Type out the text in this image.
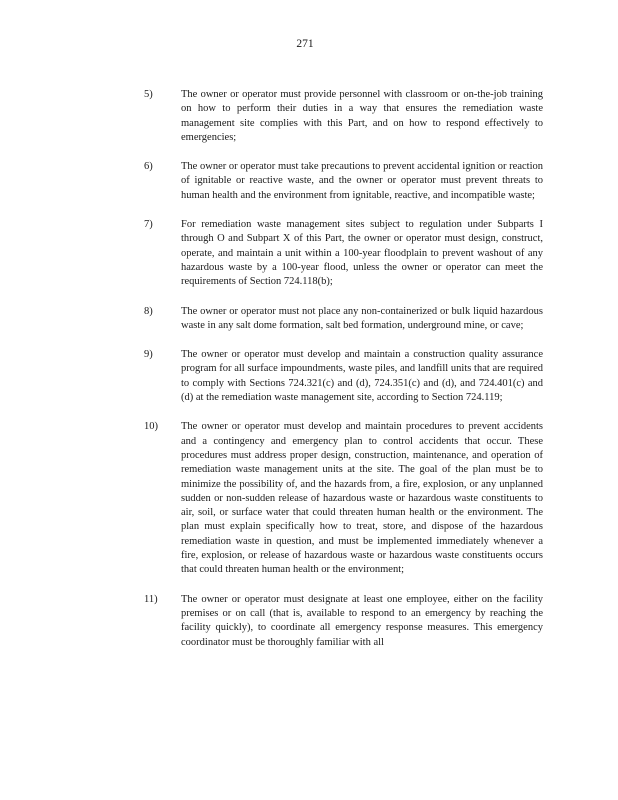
271
5)	The owner or operator must provide personnel with classroom or on-the-job training on how to perform their duties in a way that ensures the remediation waste management site complies with this Part, and on how to respond effectively to emergencies;
6)	The owner or operator must take precautions to prevent accidental ignition or reaction of ignitable or reactive waste, and the owner or operator must prevent threats to human health and the environment from ignitable, reactive, and incompatible waste;
7)	For remediation waste management sites subject to regulation under Subparts I through O and Subpart X of this Part, the owner or operator must design, construct, operate, and maintain a unit within a 100-year floodplain to prevent washout of any hazardous waste by a 100-year flood, unless the owner or operator can meet the requirements of Section 724.118(b);
8)	The owner or operator must not place any non-containerized or bulk liquid hazardous waste in any salt dome formation, salt bed formation, underground mine, or cave;
9)	The owner or operator must develop and maintain a construction quality assurance program for all surface impoundments, waste piles, and landfill units that are required to comply with Sections 724.321(c) and (d), 724.351(c) and (d), and 724.401(c) and (d) at the remediation waste management site, according to Section 724.119;
10) The owner or operator must develop and maintain procedures to prevent accidents and a contingency and emergency plan to control accidents that occur. These procedures must address proper design, construction, maintenance, and operation of remediation waste management units at the site. The goal of the plan must be to minimize the possibility of, and the hazards from, a fire, explosion, or any unplanned sudden or non-sudden release of hazardous waste or hazardous waste constituents to air, soil, or surface water that could threaten human health or the environment. The plan must explain specifically how to treat, store, and dispose of the hazardous remediation waste in question, and must be implemented immediately whenever a fire, explosion, or release of hazardous waste or hazardous waste constituents occurs that could threaten human health or the environment;
11) The owner or operator must designate at least one employee, either on the facility premises or on call (that is, available to respond to an emergency by reaching the facility quickly), to coordinate all emergency response measures. This emergency coordinator must be thoroughly familiar with all
